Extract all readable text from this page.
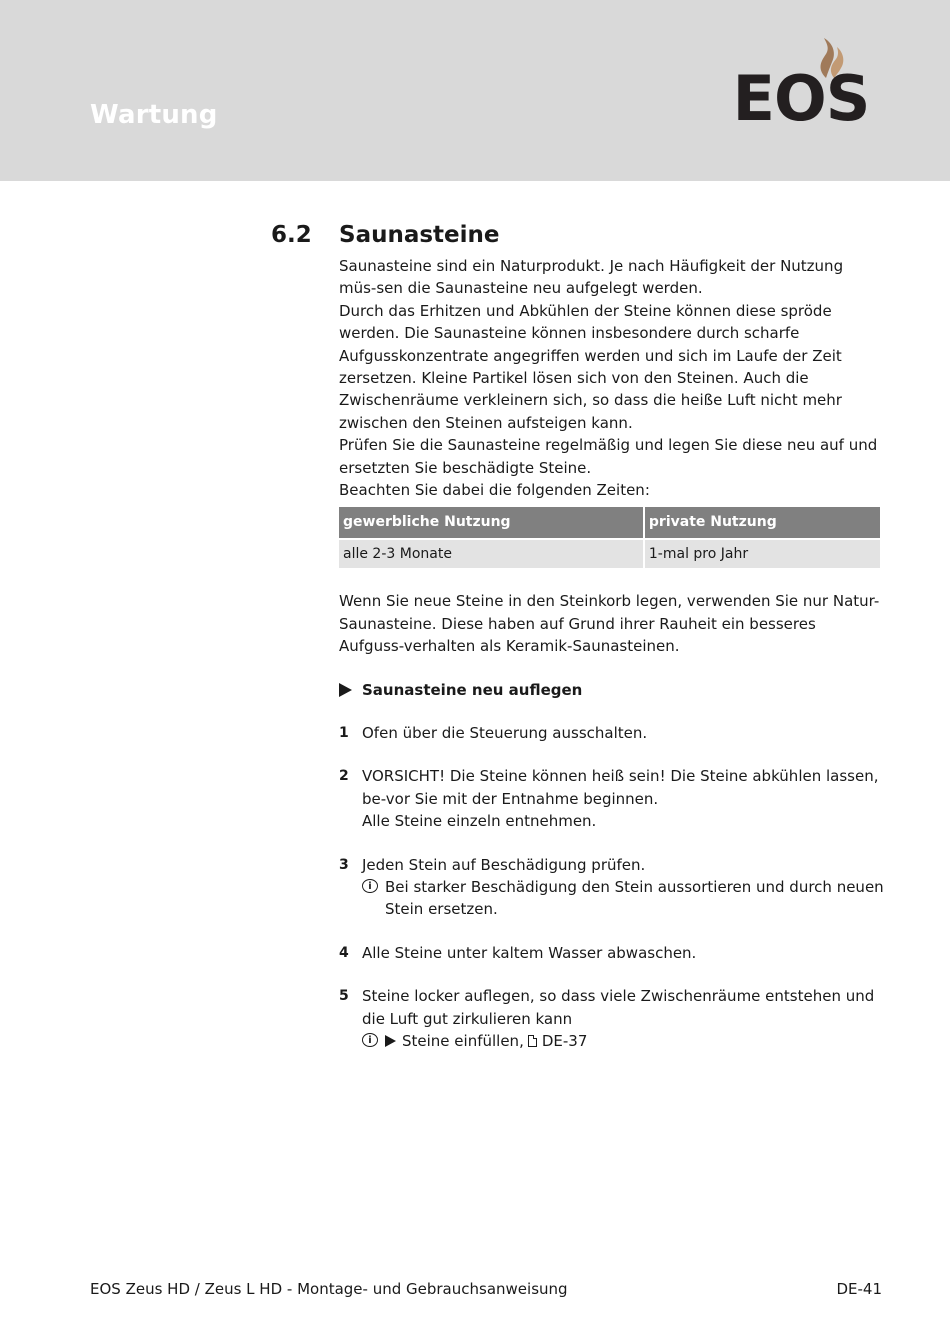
Wartung	EOS
6.2 Saunasteine

Saunasteine sind ein Naturprodukt. Je nach Häufigkeit der Nutzung müs-sen die Saunasteine neu aufgelegt werden.

Durch das Erhitzen und Abkühlen der Steine können diese spröde werden. Die Saunasteine können insbesondere durch scharfe Aufgusskonzentrate angegriffen werden und sich im Laufe der Zeit zersetzen. Kleine Partikel lösen sich von den Steinen. Auch die Zwischenräume verkleinern sich, so dass die heiße Luft nicht mehr zwischen den Steinen aufsteigen kann.

Prüfen Sie die Saunasteine regelmäßig und legen Sie diese neu auf und ersetzten Sie beschädigte Steine.

Beachten Sie dabei die folgenden Zeiten:

gewerbliche Nutzung	private Nutzung
alle 2-3 Monate	1-mal pro Jahr

Wenn Sie neue Steine in den Steinkorb legen, verwenden Sie nur Natur-Saunasteine. Diese haben auf Grund ihrer Rauheit ein besseres Aufguss-verhalten als Keramik-Saunasteinen.

Saunasteine neu auflegen
1 Ofen über die Steuerung ausschalten.
2 VORSICHT! Die Steine können heiß sein! Die Steine abkühlen lassen, be-vor Sie mit der Entnahme beginnen.
Alle Steine einzeln entnehmen.
3 Jeden Stein auf Beschädigung prüfen.
i Bei starker Beschädigung den Stein aussortieren und durch neuen Stein ersetzen.
4 Alle Steine unter kaltem Wasser abwaschen.
5 Steine locker auflegen, so dass viele Zwischenräume entstehen und die Luft gut zirkulieren kann
i	Steine einfüllen, DE-37
EOS Zeus HD / Zeus L HD - Montage- und Gebrauchsanweisung	DE-41
